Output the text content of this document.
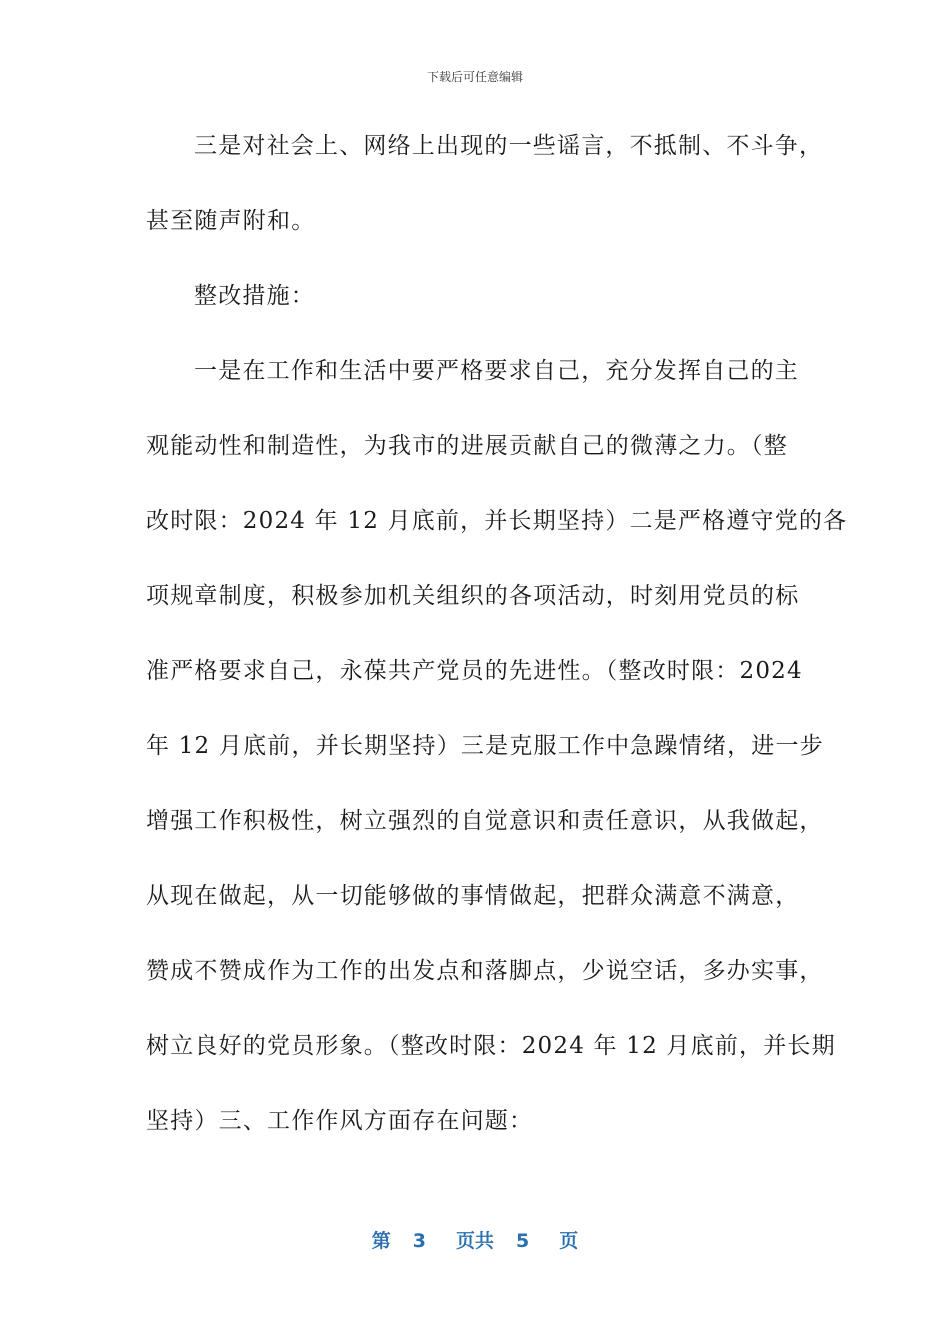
下载后可任意编辑
三是对社会上、网络上出现的一些谣言，不抵制、不斗争，
甚至随声附和。
整改措施：
一是在工作和生活中要严格要求自己，充分发挥自己的主
观能动性和制造性，为我市的进展贡献自己的微薄之力。（整
改时限：2024 年 12 月底前，并长期坚持）二是严格遵守党的各
项规章制度，积极参加机关组织的各项活动，时刻用党员的标
准严格要求自己，永葆共产党员的先进性。（整改时限：2024
年 12 月底前，并长期坚持）三是克服工作中急躁情绪，进一步
增强工作积极性，树立强烈的自觉意识和责任意识，从我做起，
从现在做起，从一切能够做的事情做起，把群众满意不满意，
赞成不赞成作为工作的出发点和落脚点，少说空话，多办实事，
树立良好的党员形象。（整改时限：2024 年 12 月底前，并长期
坚持）三、工作作风方面存在问题：
第 3 页共 5 页
